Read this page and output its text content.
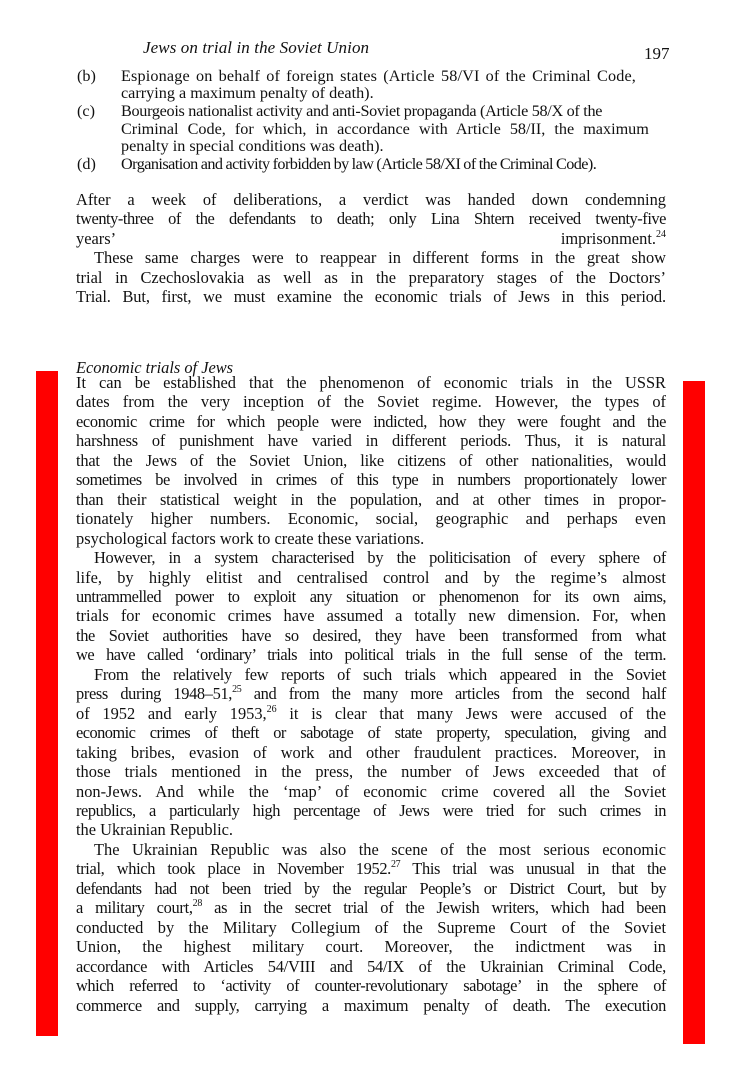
Jews on trial in the Soviet Union	197
(b) Espionage on behalf of foreign states (Article 58/VI of the Criminal Code,
carrying a maximum penalty of death).
(c) Bourgeois nationalist activity and anti-Soviet propaganda (Article 58/X of the
Criminal Code, for which, in accordance with Article 58/II, the maximum
penalty in special conditions was death).
(d) Organisation and activity forbidden by law (Article 58/XI of the Criminal Code).

After a week of deliberations, a verdict was handed down condemning
twenty-three of the defendants to death; only Lina Shtern received twenty-five
years’ imprisonment.$^{24}$

These same charges were to reappear in different forms in the great show
trial in Czechoslovakia as well as in the preparatory stages of the Doctors’
Trial. But, first, we must examine the economic trials of Jews in this period.

Economic trials of Jews

It can be established that the phenomenon of economic trials in the USSR
dates from the very inception of the Soviet regime. However, the types of
economic crime for which people were indicted, how they were fought and the
harshness of punishment have varied in different periods. Thus, it is natural
that the Jews of the Soviet Union, like citizens of other nationalities, would
sometimes be involved in crimes of this type in numbers proportionately lower
than their statistical weight in the population, and at other times in propor-
tionately higher numbers. Economic, social, geographic and perhaps even
psychological factors work to create these variations.

However, in a system characterised by the politicisation of every sphere of
life, by highly elitist and centralised control and by the regime’s almost
untrammelled power to exploit any situation or phenomenon for its own aims,
trials for economic crimes have assumed a totally new dimension. For, when
the Soviet authorities have so desired, they have been transformed from what
we have called ‘ordinary’ trials into political trials in the full sense of the term.

From the relatively few reports of such trials which appeared in the Soviet
press during 1948–51,25 and from the many more articles from the second half
of 1952 and early 1953,26 it is clear that many Jews were accused of the
economic crimes of theft or sabotage of state property, speculation, giving and
taking bribes, evasion of work and other fraudulent practices. Moreover, in
those trials mentioned in the press, the number of Jews exceeded that of
non-Jews. And while the ‘map’ of economic crime covered all the Soviet
republics, a particularly high percentage of Jews were tried for such crimes in
the Ukrainian Republic.

The Ukrainian Republic was also the scene of the most serious economic
trial, which took place in November 1952.27 This trial was unusual in that the
defendants had not been tried by the regular People’s or District Court, but by
a military court,$^{28}$ as in the secret trial of the Jewish writers, which had been
conducted by the Military Collegium of the Supreme Court of the Soviet
Union, the highest military court. Moreover, the indictment was in
accordance with Articles 54/VIII and 54/IX of the Ukrainian Criminal Code,
which referred to ‘activity of counter-revolutionary sabotage’ in the sphere of
commerce and supply, carrying a maximum penalty of death. The execution
